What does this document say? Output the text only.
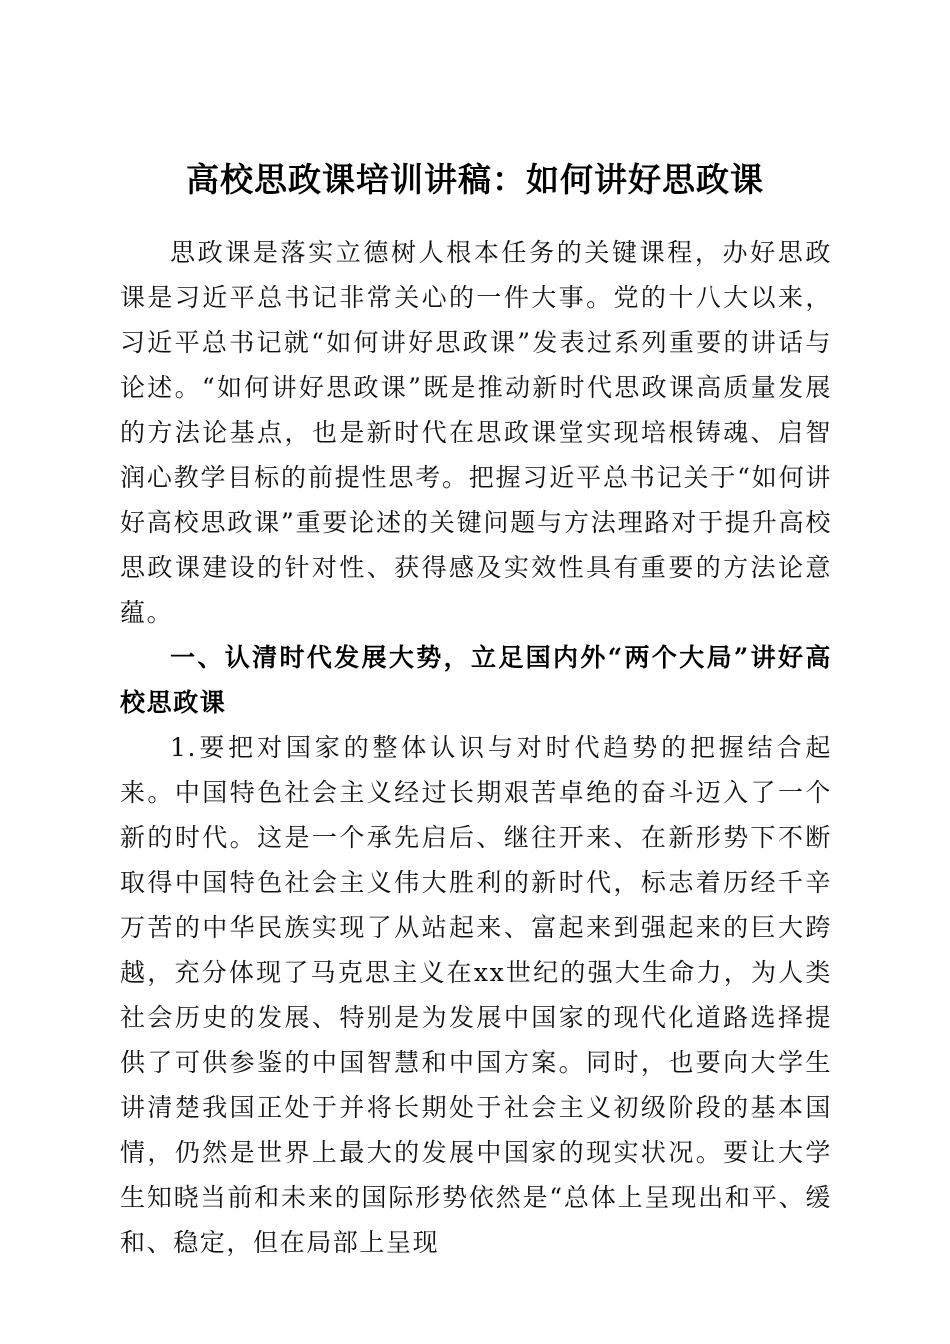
高校思政课培训讲稿：如何讲好思政课

思政课是落实立德树人根本任务的关键课程，办好思政课是习近平总书记非常关心的一件大事。党的十八大以来，习近平总书记就“如何讲好思政课”发表过系列重要的讲话与论述。“如何讲好思政课”既是推动新时代思政课高质量发展的方法论基点，也是新时代在思政课堂实现培根铸魂、启智润心教学目标的前提性思考。把握习近平总书记关于“如何讲好高校思政课”重要论述的关键问题与方法理路对于提升高校思政课建设的针对性、获得感及实效性具有重要的方法论意蕴。

一、认清时代发展大势，立足国内外“两个大局”讲好高校思政课

1.要把对国家的整体认识与对时代趋势的把握结合起来。中国特色社会主义经过长期艰苦卓绝的奋斗迈入了一个新的时代。这是一个承先启后、继往开来、在新形势下不断取得中国特色社会主义伟大胜利的新时代，标志着历经千辛万苦的中华民族实现了从站起来、富起来到强起来的巨大跨越，充分体现了马克思主义在xx世纪的强大生命力，为人类社会历史的发展、特别是为发展中国家的现代化道路选择提供了可供参鉴的中国智慧和中国方案。同时，也要向大学生讲清楚我国正处于并将长期处于社会主义初级阶段的基本国情，仍然是世界上最大的发展中国家的现实状况。要让大学生知晓当前和未来的国际形势依然是“总体上呈现出和平、缓和、稳定，但在局部上呈现
